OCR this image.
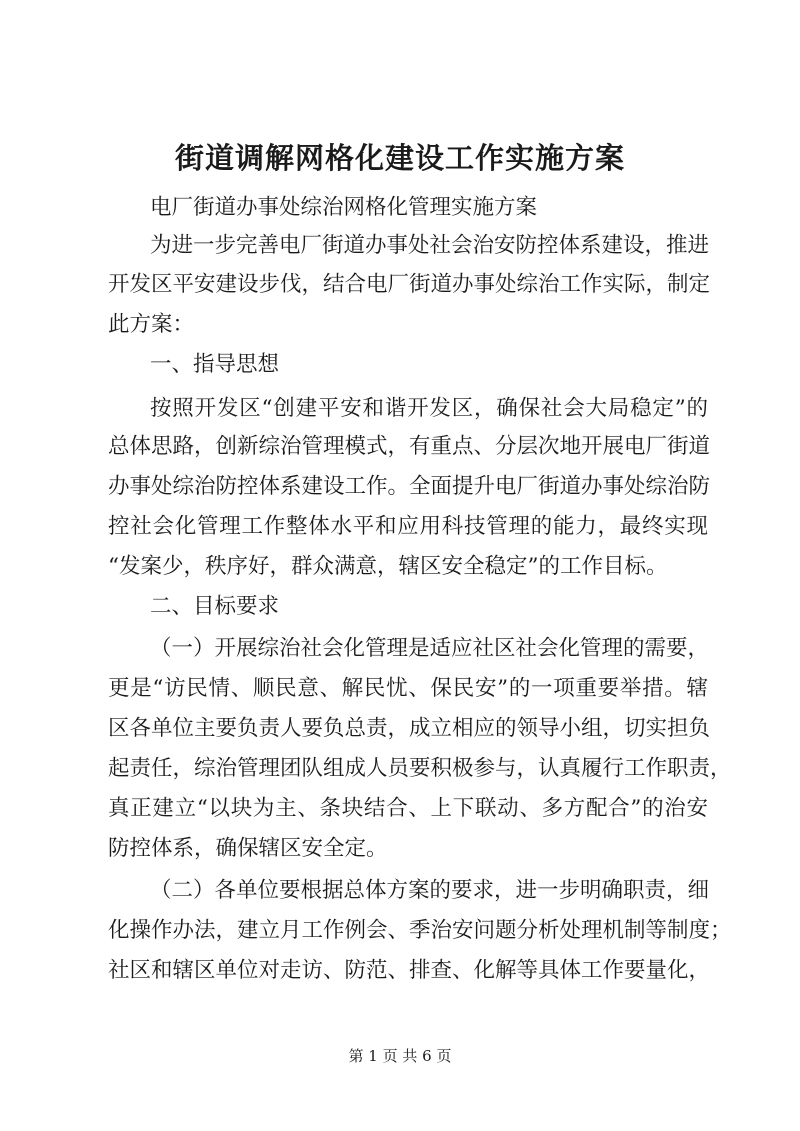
街道调解网格化建设工作实施方案
电厂街道办事处综治网格化管理实施方案
为进一步完善电厂街道办事处社会治安防控体系建设，推进
开发区平安建设步伐，结合电厂街道办事处综治工作实际，制定
此方案：
一、指导思想
按照开发区“创建平安和谐开发区，确保社会大局稳定”的
总体思路，创新综治管理模式，有重点、分层次地开展电厂街道
办事处综治防控体系建设工作。全面提升电厂街道办事处综治防
控社会化管理工作整体水平和应用科技管理的能力，最终实现
“发案少，秩序好，群众满意，辖区安全稳定”的工作目标。
二、目标要求
（一）开展综治社会化管理是适应社区社会化管理的需要，
更是“访民情、顺民意、解民忧、保民安”的一项重要举措。辖
区各单位主要负责人要负总责，成立相应的领导小组，切实担负
起责任，综治管理团队组成人员要积极参与，认真履行工作职责，
真正建立“以块为主、条块结合、上下联动、多方配合”的治安
防控体系，确保辖区安全定。
（二）各单位要根据总体方案的要求，进一步明确职责，细
化操作办法，建立月工作例会、季治安问题分析处理机制等制度；
社区和辖区单位对走访、防范、排查、化解等具体工作要量化，
第 1 页 共 6 页
